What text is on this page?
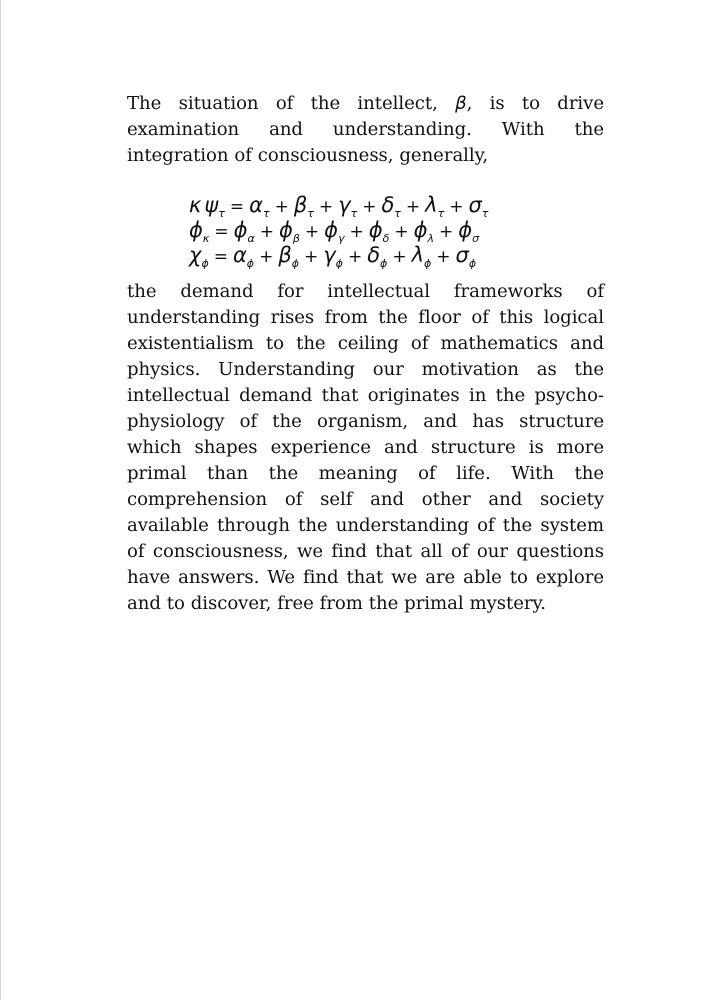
The situation of the intellect, β, is to drive examination and understanding. With the integration of consciousness, generally,

κ $\psi_\tau = \alpha_\tau + \beta_\tau + \gamma_\tau + \delta_\tau + \lambda_\tau + \sigma_\tau$
$\phi_\kappa = \phi_\alpha + \phi_\beta + \phi_\gamma + \phi_\delta + \phi_\lambda + \phi_\sigma$
$\chi_\phi = \alpha_\phi + \beta_\phi + \gamma_\phi + \delta_\phi + \lambda_\phi + \sigma_\phi$

the demand for intellectual frameworks of understanding rises from the floor of this logical existentialism to the ceiling of mathematics and physics. Understanding our motivation as the intellectual demand that originates in the psycho-physiology of the organism, and has structure which shapes experience and structure is more primal than the meaning of life. With the comprehension of self and other and society available through the understanding of the system of consciousness, we find that all of our questions have answers. We find that we are able to explore and to discover, free from the primal mystery.
